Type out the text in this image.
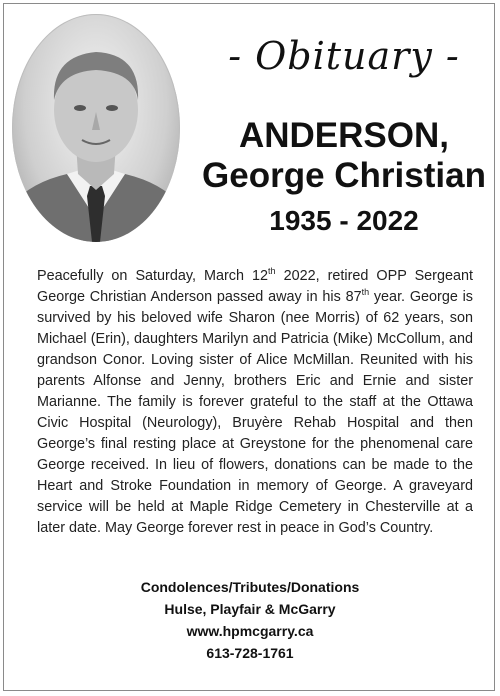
- Obituary -
ANDERSON,
George Christian
1935 - 2022

Peacefully on Saturday, March 12th 2022, retired OPP Sergeant George Christian Anderson passed away in his 87th year. George is survived by his beloved wife Sharon (nee Morris) of 62 years, son Michael (Erin), daughters Marilyn and Patricia (Mike) McCollum, and grandson Conor. Loving sister of Alice McMillan. Reunited with his parents Alfonse and Jenny, brothers Eric and Ernie and sister Marianne. The family is forever grateful to the staff at the Ottawa Civic Hospital (Neurology), Bruyère Rehab Hospital and then George’s final resting place at Greystone for the phenomenal care George received. In lieu of flowers, donations can be made to the Heart and Stroke Foundation in memory of George. A graveyard service will be held at Maple Ridge Cemetery in Chesterville at a later date. May George forever rest in peace in God’s Country.

Condolences/Tributes/Donations
Hulse, Playfair & McGarry
www.hpmcgarry.ca
613-728-1761
